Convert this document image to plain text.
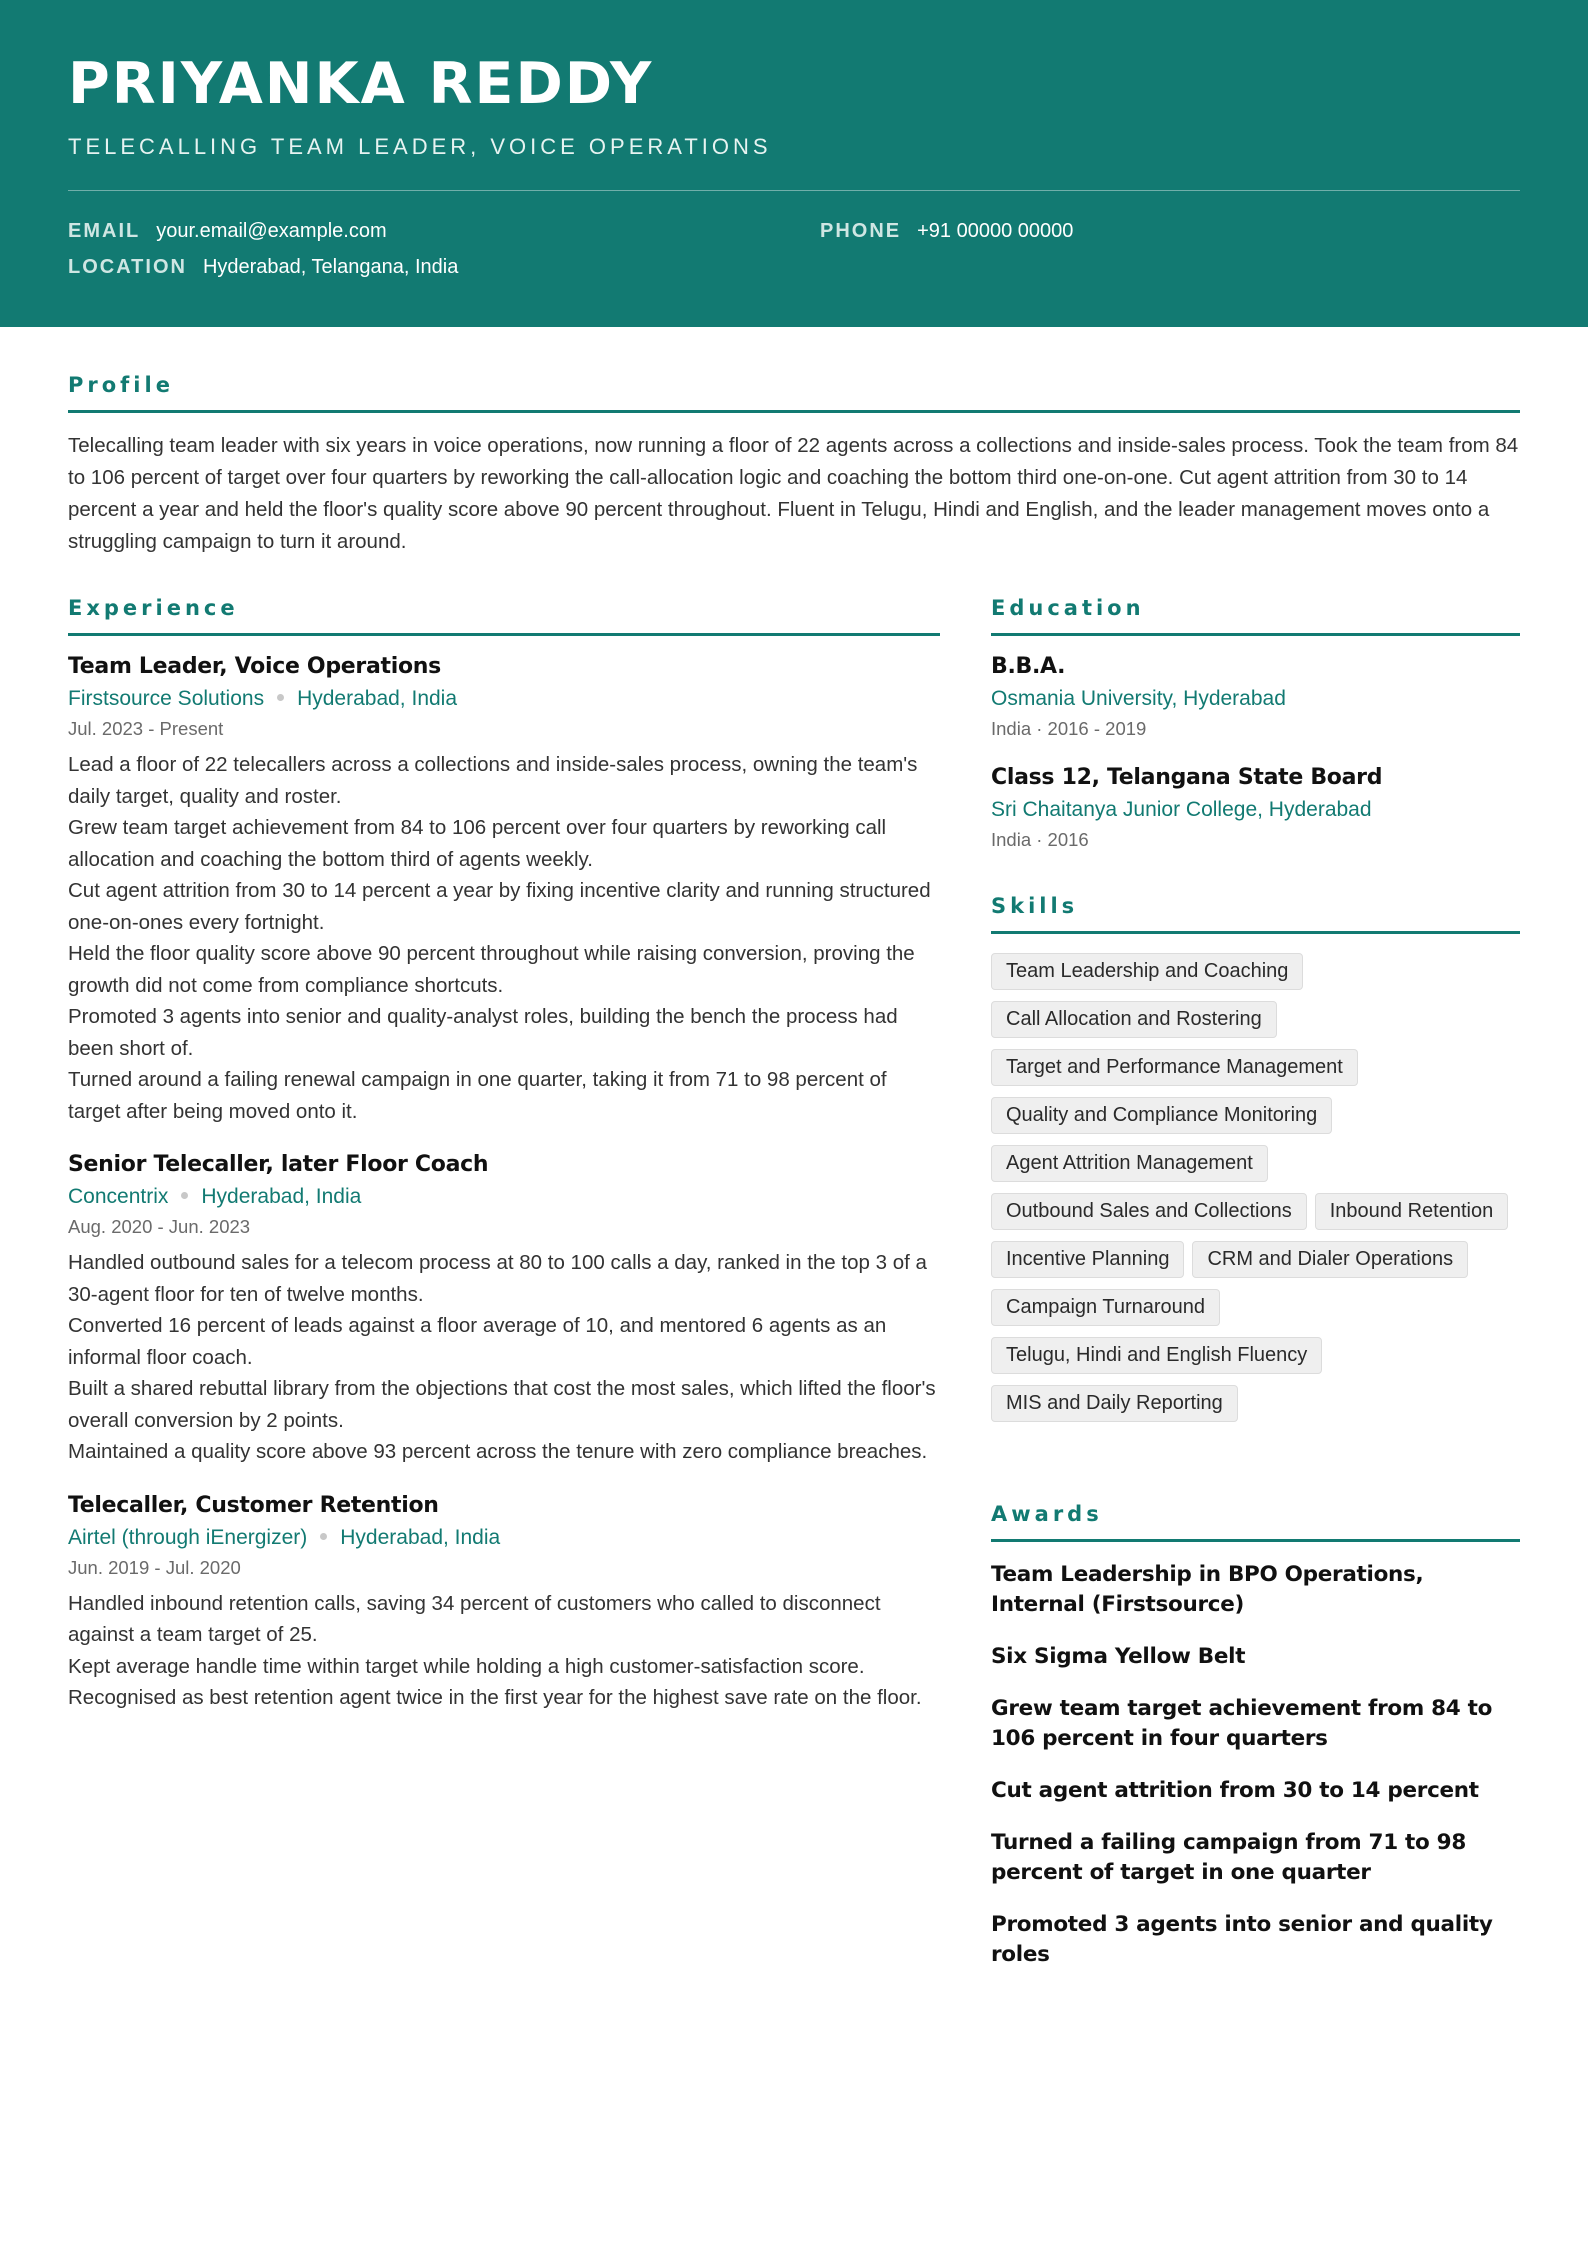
PRIYANKA REDDY
TELECALLING TEAM LEADER, VOICE OPERATIONS
EMAIL your.email@example.com	PHONE +91 00000 00000
LOCATION Hyderabad, Telangana, India
Profile
Telecalling team leader with six years in voice operations, now running a floor of 22 agents across a collections and inside-sales process. Took the team from 84 to 106 percent of target over four quarters by reworking the call-allocation logic and coaching the bottom third one-on-one. Cut agent attrition from 30 to 14 percent a year and held the floor's quality score above 90 percent throughout. Fluent in Telugu, Hindi and English, and the leader management moves onto a struggling campaign to turn it around.
Experience
Team Leader, Voice Operations
Firstsource Solutions Hyderabad, India
Jul. 2023 - Present
Lead a floor of 22 telecallers across a collections and inside-sales process, owning the team's daily target, quality and roster.
Grew team target achievement from 84 to 106 percent over four quarters by reworking call allocation and coaching the bottom third of agents weekly.
Cut agent attrition from 30 to 14 percent a year by fixing incentive clarity and running structured one-on-ones every fortnight.
Held the floor quality score above 90 percent throughout while raising conversion, proving the growth did not come from compliance shortcuts.
Promoted 3 agents into senior and quality-analyst roles, building the bench the process had been short of.
Turned around a failing renewal campaign in one quarter, taking it from 71 to 98 percent of target after being moved onto it.
Senior Telecaller, later Floor Coach
Concentrix Hyderabad, India
Aug. 2020 - Jun. 2023
Handled outbound sales for a telecom process at 80 to 100 calls a day, ranked in the top 3 of a 30-agent floor for ten of twelve months.
Converted 16 percent of leads against a floor average of 10, and mentored 6 agents as an informal floor coach.
Built a shared rebuttal library from the objections that cost the most sales, which lifted the floor's overall conversion by 2 points.
Maintained a quality score above 93 percent across the tenure with zero compliance breaches.
Telecaller, Customer Retention
Airtel (through iEnergizer) Hyderabad, India
Jun. 2019 - Jul. 2020
Handled inbound retention calls, saving 34 percent of customers who called to disconnect against a team target of 25.
Kept average handle time within target while holding a high customer-satisfaction score.
Recognised as best retention agent twice in the first year for the highest save rate on the floor.
Education
B.B.A.
Osmania University, Hyderabad
India · 2016 - 2019
Class 12, Telangana State Board
Sri Chaitanya Junior College, Hyderabad
India · 2016
Skills
Team Leadership and Coaching
Call Allocation and Rostering
Target and Performance Management
Quality and Compliance Monitoring
Agent Attrition Management
Outbound Sales and Collections	Inbound Retention
Incentive Planning	CRM and Dialer Operations
Campaign Turnaround
Telugu, Hindi and English Fluency
MIS and Daily Reporting
Awards
Team Leadership in BPO Operations, Internal (Firstsource)
Six Sigma Yellow Belt
Grew team target achievement from 84 to 106 percent in four quarters
Cut agent attrition from 30 to 14 percent
Turned a failing campaign from 71 to 98 percent of target in one quarter
Promoted 3 agents into senior and quality roles
